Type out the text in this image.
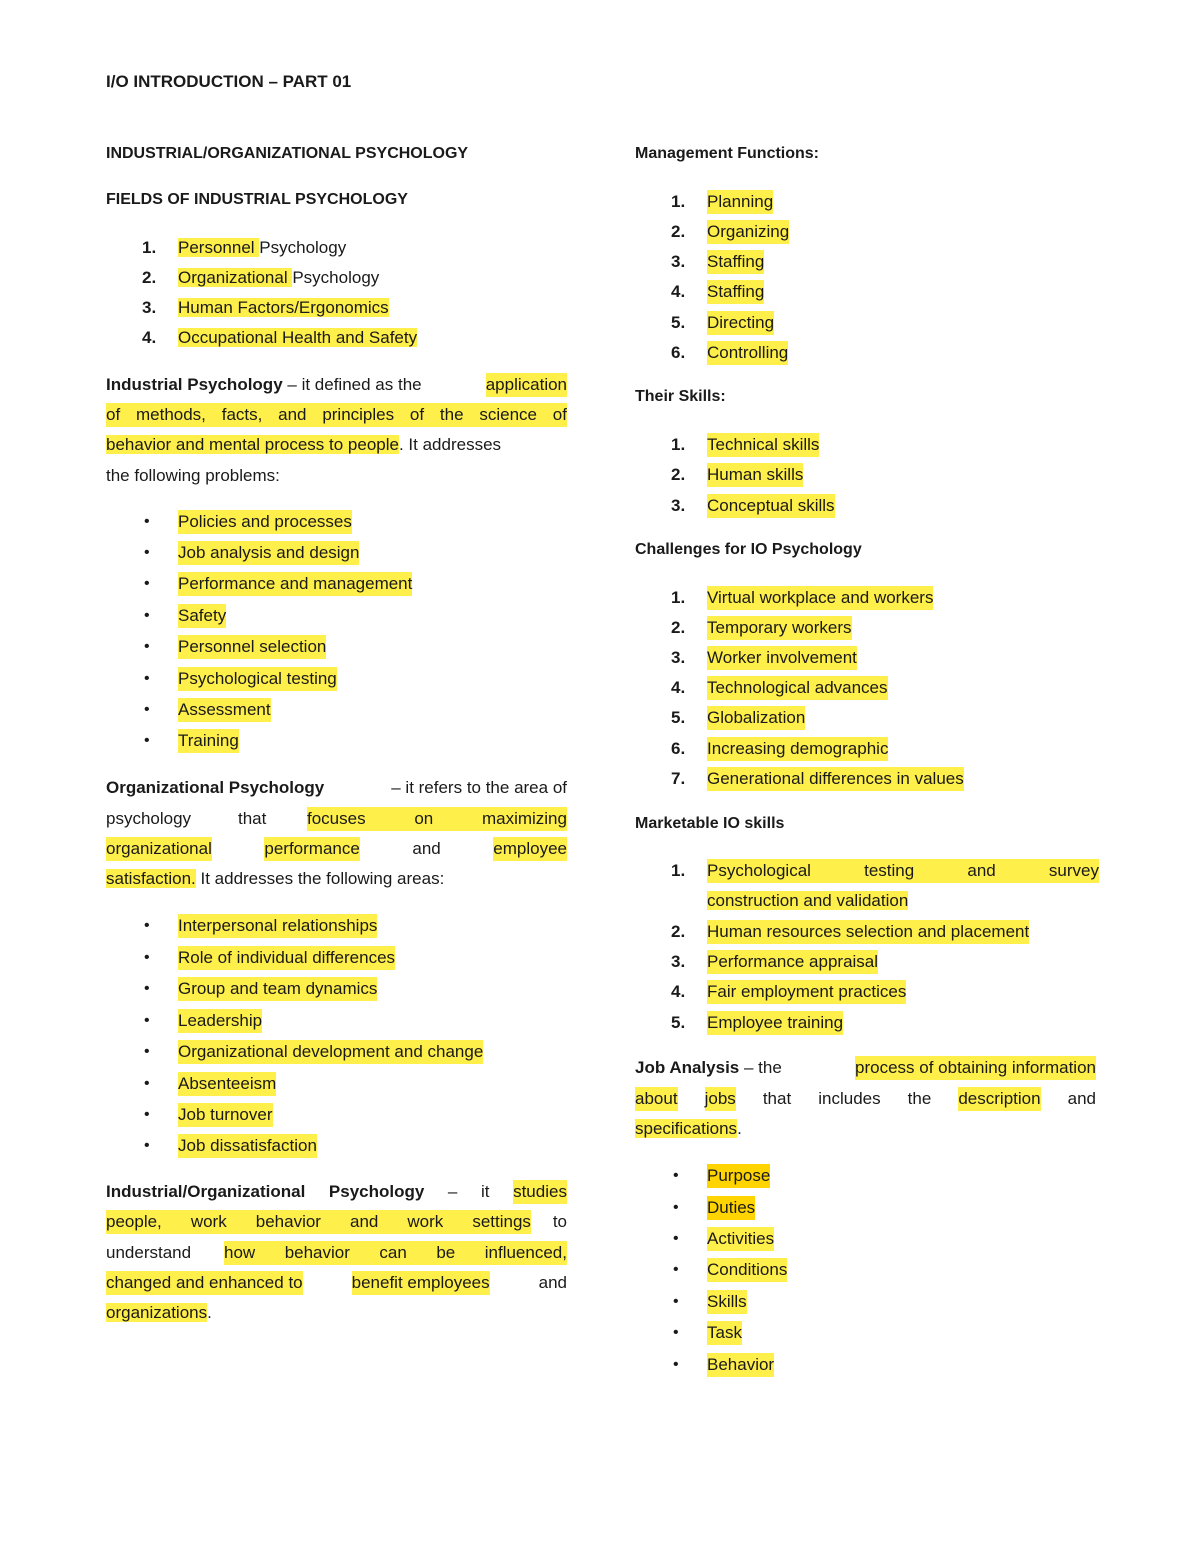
I/O INTRODUCTION – PART 01
INDUSTRIAL/ORGANIZATIONAL PSYCHOLOGY
FIELDS OF INDUSTRIAL PSYCHOLOGY
1.	Personnel Psychology
2.	Organizational Psychology
3.	Human Factors/Ergonomics
4.	Occupational Health and Safety
Industrial Psychology – it defined as the	application
of methods, facts, and principles of the science of
behavior and mental process to people. It addresses
the following problems:
•	Policies and processes
•	Job analysis and design
•	Performance and management
•	Safety
•	Personnel selection
•	Psychological testing
•	Assessment
•	Training
Organizational Psychology	– it refers to the area of
psychology	that focuses	on	maximizing
organizational	performance	and	employee
satisfaction. It addresses the following areas:
•	Interpersonal relationships
•	Role of individual differences
•	Group and team dynamics
•	Leadership
•	Organizational development and change
•	Absenteeism
•	Job turnover
•	Job dissatisfaction
Industrial/Organizational Psychology – it studies
people, work behavior and work settings to
understand how behavior can be influenced,
changed and enhanced to	benefit employees	and
organizations.
Management Functions:
1.	Planning
2.	Organizing
3.	Staffing
4.	Staffing
5.	Directing
6.	Controlling
Their Skills:
1.	Technical skills
2.	Human skills
3.	Conceptual skills
Challenges for IO Psychology
1.	Virtual workplace and workers
2.	Temporary workers
3.	Worker involvement
4.	Technological advances
5.	Globalization
6.	Increasing demographic
7.	Generational differences in values
Marketable IO skills
1.	Psychological	testing	and	survey
construction and validation
2.	Human resources selection and placement
3.	Performance appraisal
4.	Fair employment practices
5.	Employee training
Job Analysis – the	process of obtaining information
about jobs that includes the description and
specifications.
•	Purpose
•	Duties
•	Activities
•	Conditions
•	Skills
•	Task
•	Behavior
